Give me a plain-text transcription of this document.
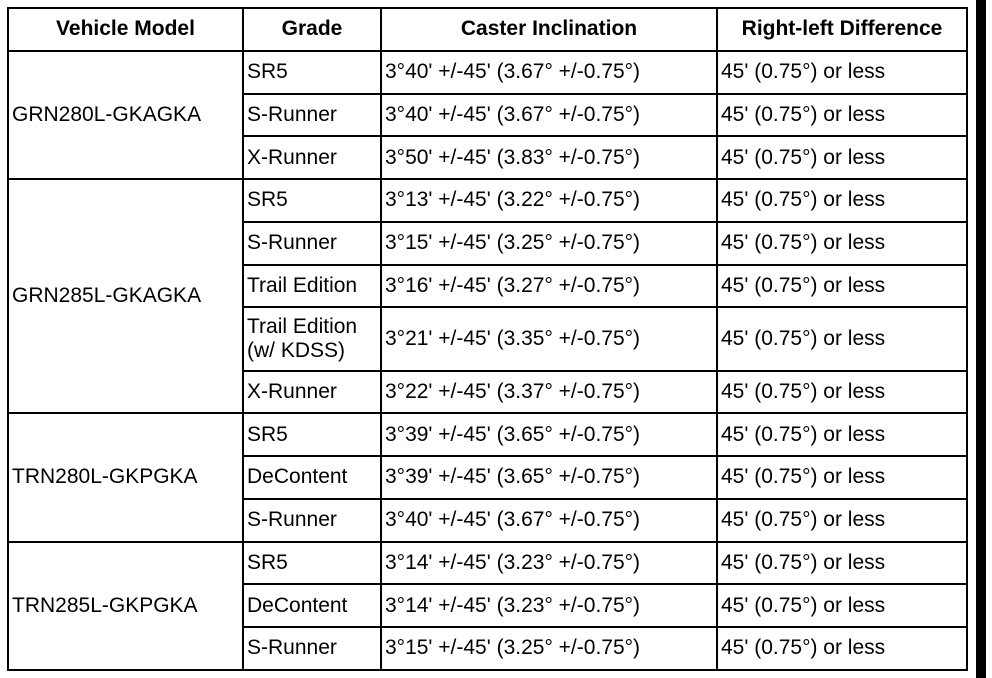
Vehicle Model	Grade	Caster Inclination	Right-left Difference
GRN280L-GKAGKA	SR5	3°40' +/-45' (3.67° +/-0.75°)	45' (0.75°) or less
	S-Runner	3°40' +/-45' (3.67° +/-0.75°)	45' (0.75°) or less
	X-Runner	3°50' +/-45' (3.83° +/-0.75°)	45' (0.75°) or less
GRN285L-GKAGKA	SR5	3°13' +/-45' (3.22° +/-0.75°)	45' (0.75°) or less
	S-Runner	3°15' +/-45' (3.25° +/-0.75°)	45' (0.75°) or less
	Trail Edition	3°16' +/-45' (3.27° +/-0.75°)	45' (0.75°) or less
	Trail Edition (w/ KDSS)	3°21' +/-45' (3.35° +/-0.75°)	45' (0.75°) or less
	X-Runner	3°22' +/-45' (3.37° +/-0.75°)	45' (0.75°) or less
TRN280L-GKPGKA	SR5	3°39' +/-45' (3.65° +/-0.75°)	45' (0.75°) or less
	DeContent	3°39' +/-45' (3.65° +/-0.75°)	45' (0.75°) or less
	S-Runner	3°40' +/-45' (3.67° +/-0.75°)	45' (0.75°) or less
TRN285L-GKPGKA	SR5	3°14' +/-45' (3.23° +/-0.75°)	45' (0.75°) or less
	DeContent	3°14' +/-45' (3.23° +/-0.75°)	45' (0.75°) or less
	S-Runner	3°15' +/-45' (3.25° +/-0.75°)	45' (0.75°) or less
